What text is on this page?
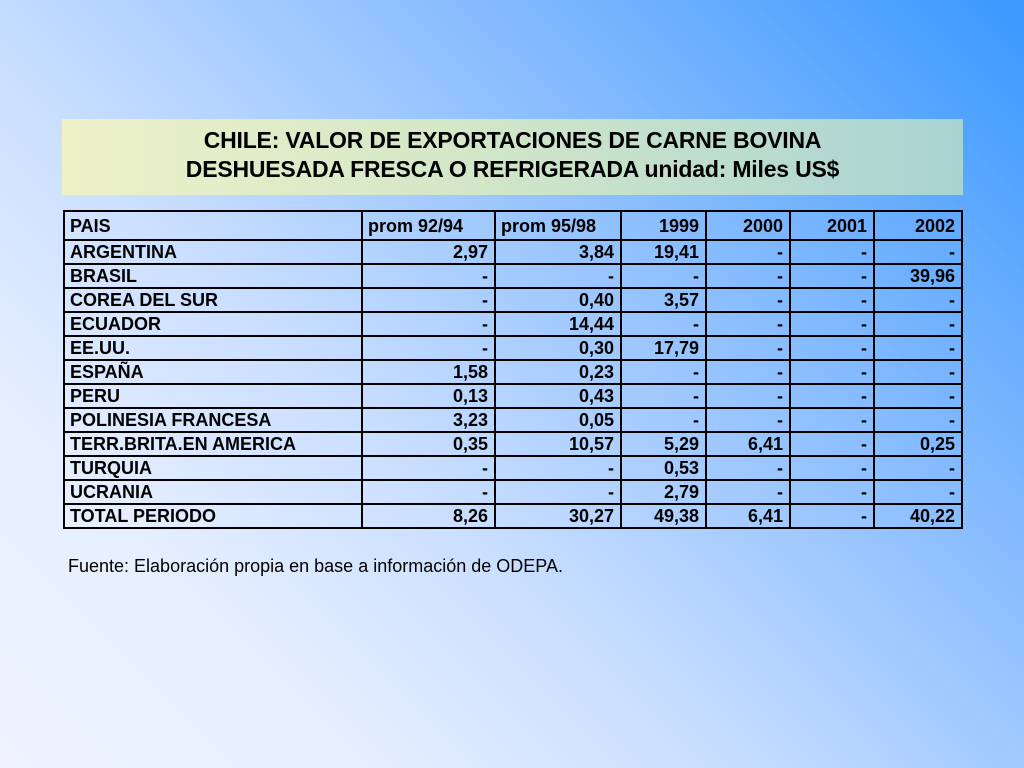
CHILE: VALOR DE EXPORTACIONES DE CARNE BOVINA
DESHUESADA FRESCA O REFRIGERADA unidad: Miles US$
PAIS	prom 92/94	prom 95/98	1999	2000	2001	2002
ARGENTINA	2,97	3,84	19,41	-	-	-
BRASIL	-	-	-	-	-	39,96
COREA DEL SUR	-	0,40	3,57	-	-	-
ECUADOR	-	14,44	-	-	-	-
EE.UU.	-	0,30	17,79	-	-	-
ESPAÑA	1,58	0,23	-	-	-	-
PERU	0,13	0,43	-	-	-	-
POLINESIA FRANCESA	3,23	0,05	-	-	-	-
TERR.BRITA.EN AMERICA	0,35	10,57	5,29	6,41	-	0,25
TURQUIA	-	-	0,53	-	-	-
UCRANIA	-	-	2,79	-	-	-
TOTAL PERIODO	8,26	30,27	49,38	6,41	-	40,22
Fuente: Elaboración propia en base a información de ODEPA.
